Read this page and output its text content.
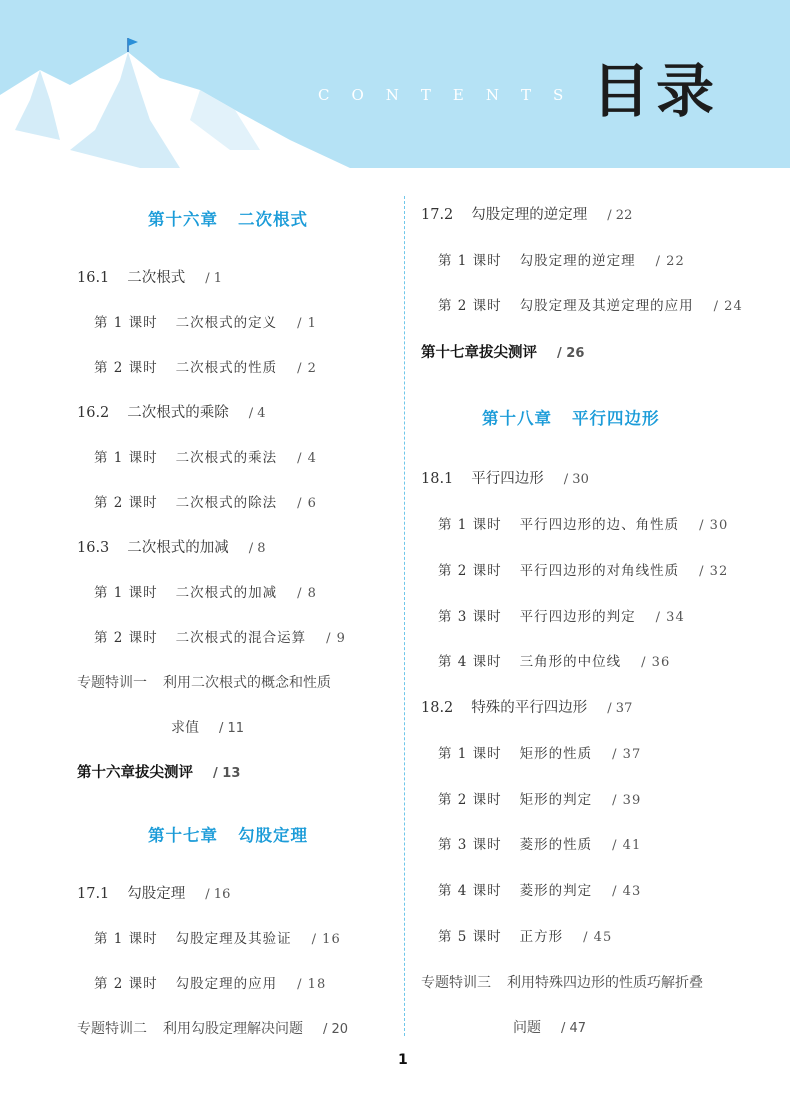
CONTENTS 目录
第十六章 二次根式
16.1 二次根式 / 1
第 1 课时 二次根式的定义 / 1
第 2 课时 二次根式的性质 / 2
16.2 二次根式的乘除 / 4
第 1 课时 二次根式的乘法 / 4
第 2 课时 二次根式的除法 / 6
16.3 二次根式的加减 / 8
第 1 课时 二次根式的加减 / 8
第 2 课时 二次根式的混合运算 / 9
专题特训一 利用二次根式的概念和性质
求值 / 11
第十六章拔尖测评 / 13
第十七章 勾股定理
17.1 勾股定理 / 16
第 1 课时 勾股定理及其验证 / 16
第 2 课时 勾股定理的应用 / 18
专题特训二 利用勾股定理解决问题 / 20
17.2 勾股定理的逆定理 / 22
第 1 课时 勾股定理的逆定理 / 22
第 2 课时 勾股定理及其逆定理的应用 / 24
第十七章拔尖测评 / 26
第十八章 平行四边形
18.1 平行四边形 / 30
第 1 课时 平行四边形的边、角性质 / 30
第 2 课时 平行四边形的对角线性质 / 32
第 3 课时 平行四边形的判定 / 34
第 4 课时 三角形的中位线 / 36
18.2 特殊的平行四边形 / 37
第 1 课时 矩形的性质 / 37
第 2 课时 矩形的判定 / 39
第 3 课时 菱形的性质 / 41
第 4 课时 菱形的判定 / 43
第 5 课时 正方形 / 45
专题特训三 利用特殊四边形的性质巧解折叠
问题 / 47
1
